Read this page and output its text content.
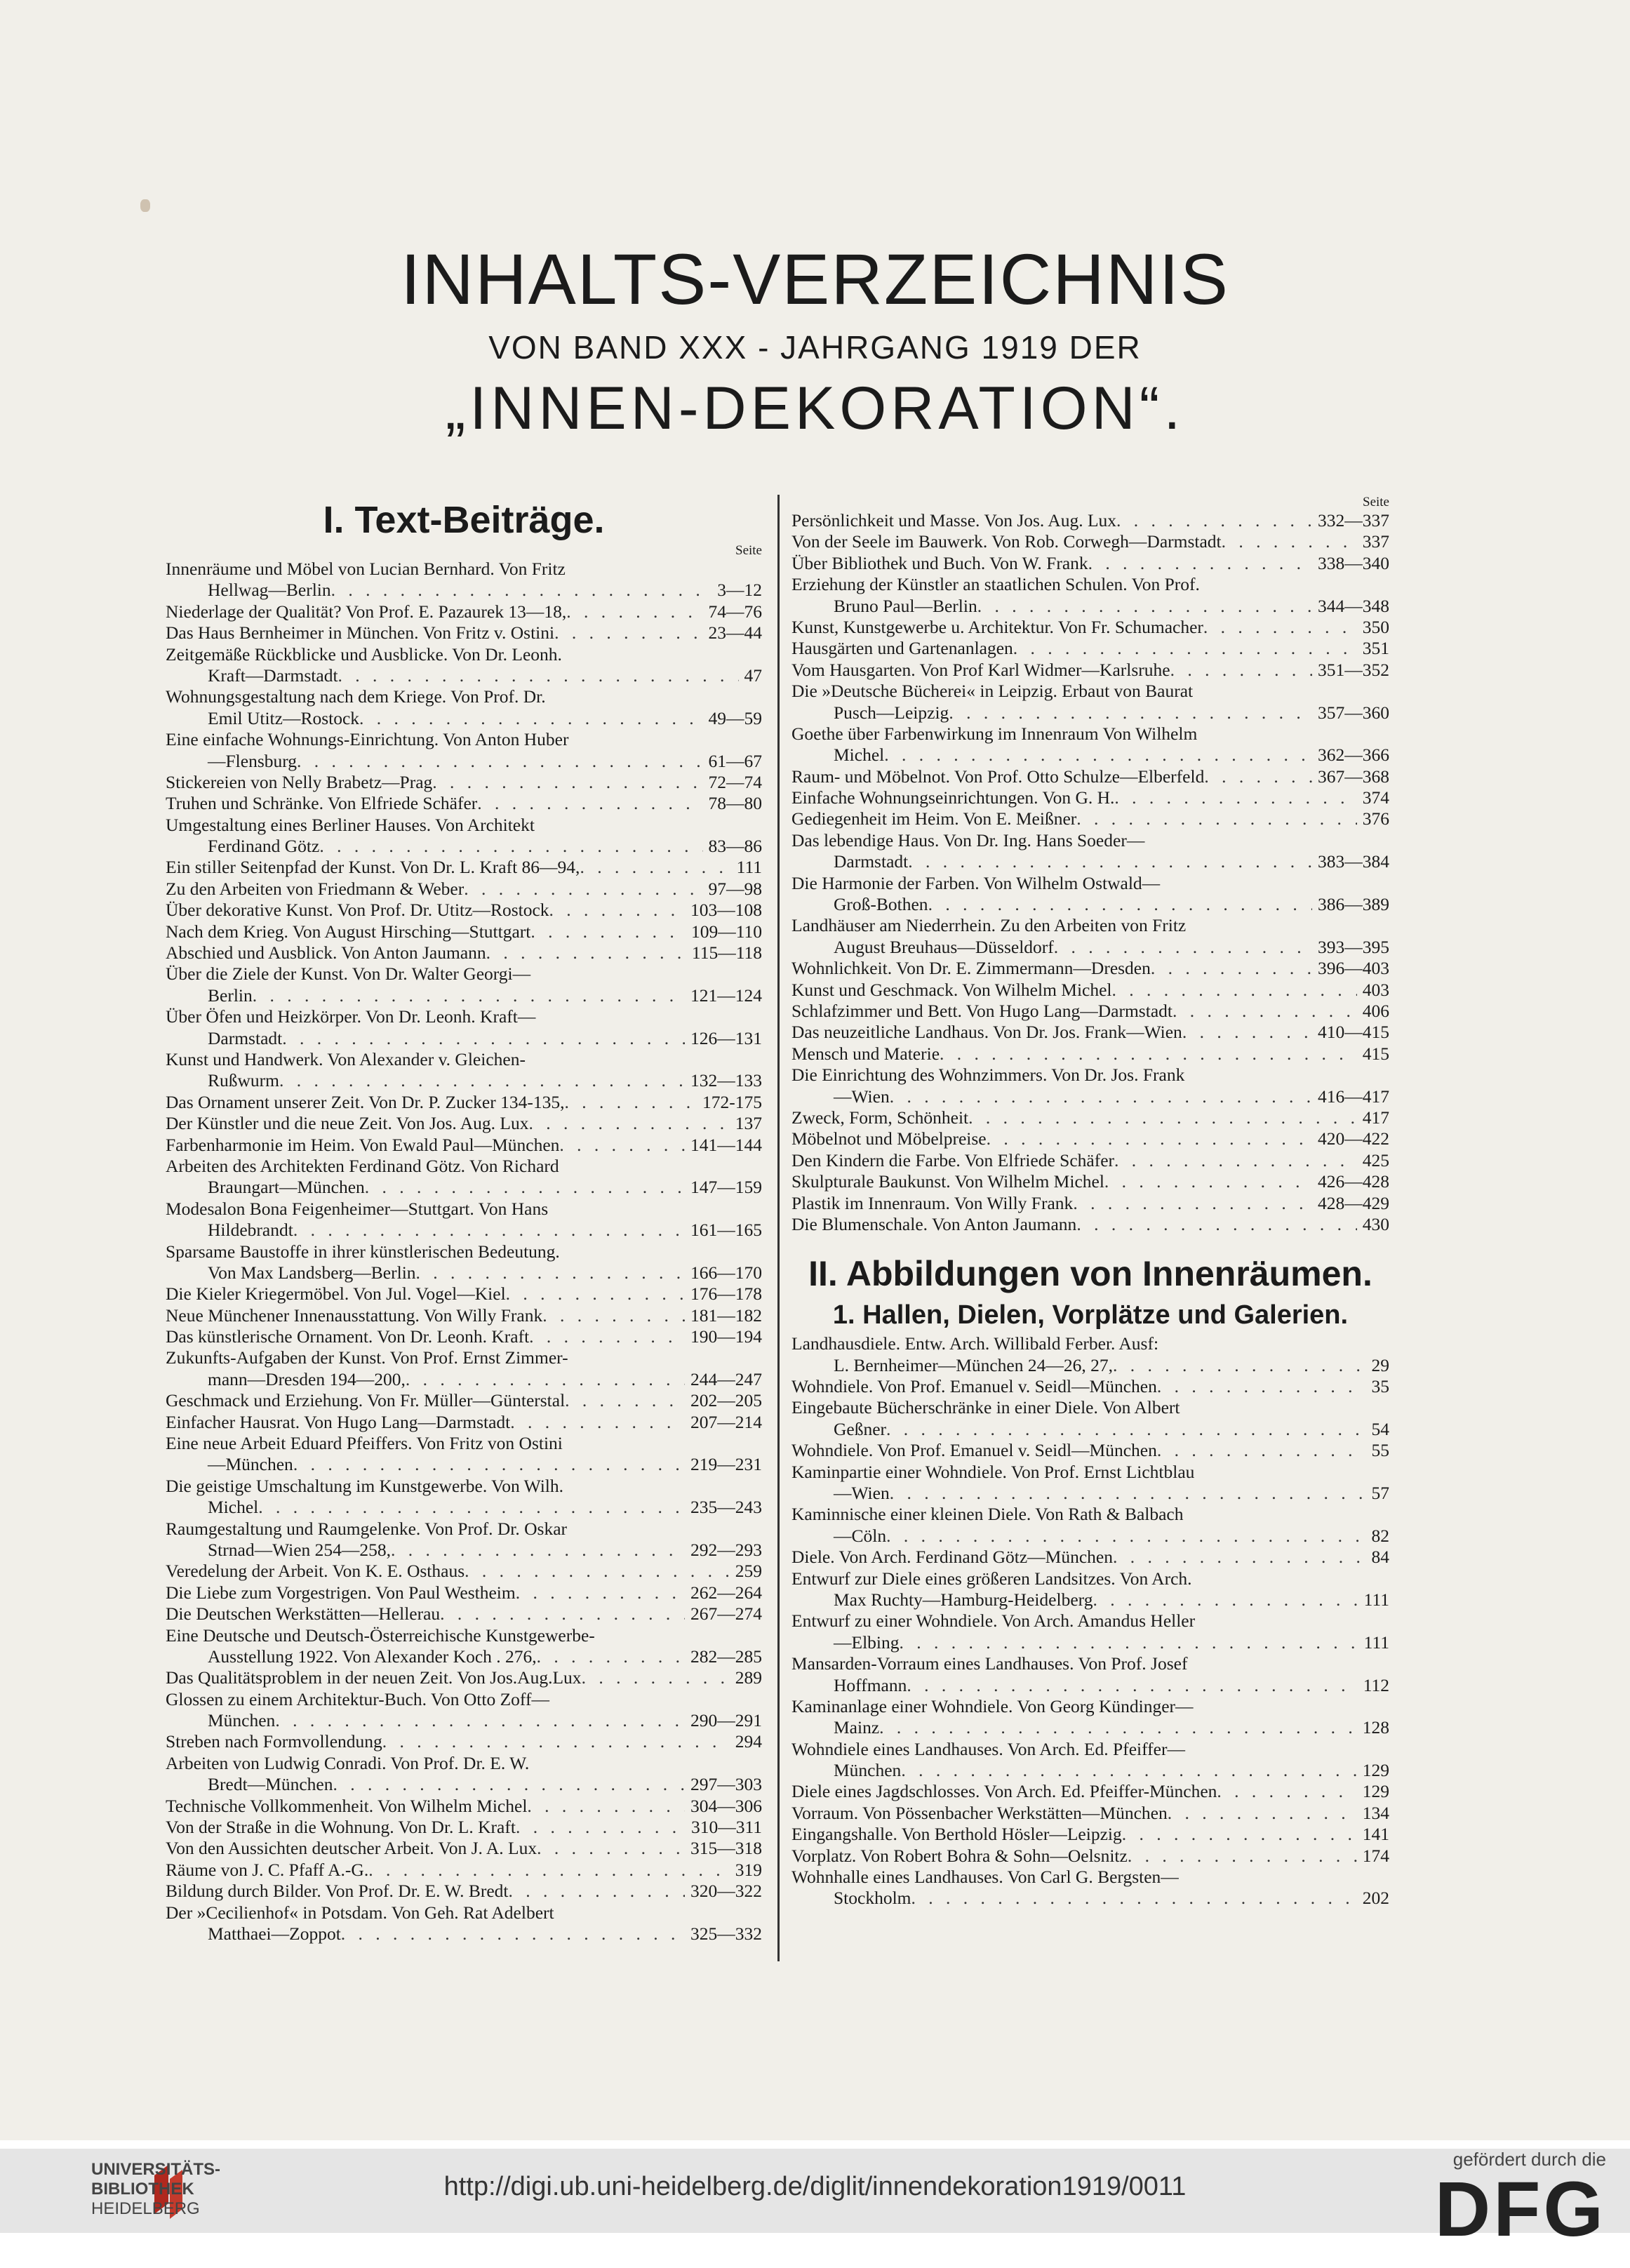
INHALTS-VERZEICHNIS
VON BAND XXX - JAHRGANG 1919 DER
„INNEN-DEKORATION“.
I. Text-Beiträge.
Seite
Innenräume und Möbel von Lucian Bernhard. Von Fritz
Hellwag—Berlin . . .	3—12
Niederlage der Qualität? Von Prof. E. Pazaurek 13—18, . . .	74—76
Das Haus Bernheimer in München. Von Fritz v. Ostini . . .	23—44
Zeitgemäße Rückblicke und Ausblicke. Von Dr. Leonh.
Kraft—Darmstadt . . .	47
Wohnungsgestaltung nach dem Kriege. Von Prof. Dr.
Emil Utitz—Rostock . . .	49—59
Eine einfache Wohnungs-Einrichtung. Von Anton Huber
—Flensburg . . .	61—67
Stickereien von Nelly Brabetz—Prag . . .	72—74
Truhen und Schränke. Von Elfriede Schäfer . . .	78—80
Umgestaltung eines Berliner Hauses. Von Architekt
Ferdinand Götz . . .	83—86
Ein stiller Seitenpfad der Kunst. Von Dr. L. Kraft 86—94, . . .	111
Zu den Arbeiten von Friedmann & Weber . . .	97—98
Über dekorative Kunst. Von Prof. Dr. Utitz—Rostock . . .	103—108
Nach dem Krieg. Von August Hirsching—Stuttgart . . .	109—110
Abschied und Ausblick. Von Anton Jaumann . . .	115—118
Über die Ziele der Kunst. Von Dr. Walter Georgi—
Berlin . . .	121—124
Über Öfen und Heizkörper. Von Dr. Leonh. Kraft—
Darmstadt . . .	126—131
Kunst und Handwerk. Von Alexander v. Gleichen-
Rußwurm . . .	132—133
Das Ornament unserer Zeit. Von Dr. P. Zucker 134-135, . . .	172-175
Der Künstler und die neue Zeit. Von Jos. Aug. Lux . . .	137
Farbenharmonie im Heim. Von Ewald Paul—München . . .	141—144
Arbeiten des Architekten Ferdinand Götz. Von Richard
Braungart—München . . .	147—159
Modesalon Bona Feigenheimer—Stuttgart. Von Hans
Hildebrandt . . .	161—165
Sparsame Baustoffe in ihrer künstlerischen Bedeutung.
Von Max Landsberg—Berlin . . .	166—170
Die Kieler Kriegermöbel. Von Jul. Vogel—Kiel . . .	176—178
Neue Münchener Innenausstattung. Von Willy Frank . . .	181—182
Das künstlerische Ornament. Von Dr. Leonh. Kraft . . .	190—194
Zukunfts-Aufgaben der Kunst. Von Prof. Ernst Zimmer-
mann—Dresden 194—200, . . .	244—247
Geschmack und Erziehung. Von Fr. Müller—Günterstal . . .	202—205
Einfacher Hausrat. Von Hugo Lang—Darmstadt . . .	207—214
Eine neue Arbeit Eduard Pfeiffers. Von Fritz von Ostini
—München . . .	219—231
Die geistige Umschaltung im Kunstgewerbe. Von Wilh.
Michel . . .	235—243
Raumgestaltung und Raumgelenke. Von Prof. Dr. Oskar
Strnad—Wien 254—258, . . .	292—293
Veredelung der Arbeit. Von K. E. Osthaus . . .	259
Die Liebe zum Vorgestrigen. Von Paul Westheim . . .	262—264
Die Deutschen Werkstätten—Hellerau . . .	267—274
Eine Deutsche und Deutsch-Österreichische Kunstgewerbe-
Ausstellung 1922. Von Alexander Koch . 276, . . .	282—285
Das Qualitätsproblem in der neuen Zeit. Von Jos.Aug.Lux . . .	289
Glossen zu einem Architektur-Buch. Von Otto Zoff—
München . . .	290—291
Streben nach Formvollendung . . .	294
Arbeiten von Ludwig Conradi. Von Prof. Dr. E. W.
Bredt—München . . .	297—303
Technische Vollkommenheit. Von Wilhelm Michel . . .	304—306
Von der Straße in die Wohnung. Von Dr. L. Kraft . . .	310—311
Von den Aussichten deutscher Arbeit. Von J. A. Lux . . .	315—318
Räume von J. C. Pfaff A.-G. . . .	319
Bildung durch Bilder. Von Prof. Dr. E. W. Bredt . . .	320—322
Der »Cecilienhof« in Potsdam. Von Geh. Rat Adelbert
Matthaei—Zoppot . . .	325—332
Seite
Persönlichkeit und Masse. Von Jos. Aug. Lux . . .	332—337
Von der Seele im Bauwerk. Von Rob. Corwegh—Darmstadt . . .	337
Über Bibliothek und Buch. Von W. Frank . . .	338—340
Erziehung der Künstler an staatlichen Schulen. Von Prof.
Bruno Paul—Berlin . . .	344—348
Kunst, Kunstgewerbe u. Architektur. Von Fr. Schumacher . . .	350
Hausgärten und Gartenanlagen . . .	351
Vom Hausgarten. Von Prof Karl Widmer—Karlsruhe . . .	351—352
Die »Deutsche Bücherei« in Leipzig. Erbaut von Baurat
Pusch—Leipzig . . .	357—360
Goethe über Farbenwirkung im Innenraum Von Wilhelm
Michel . . .	362—366
Raum- und Möbelnot. Von Prof. Otto Schulze—Elberfeld . . .	367—368
Einfache Wohnungseinrichtungen. Von G. H. . . .	374
Gediegenheit im Heim. Von E. Meißner . . .	376
Das lebendige Haus. Von Dr. Ing. Hans Soeder—
Darmstadt . . .	383—384
Die Harmonie der Farben. Von Wilhelm Ostwald—
Groß-Bothen . . .	386—389
Landhäuser am Niederrhein. Zu den Arbeiten von Fritz
August Breuhaus—Düsseldorf . . .	393—395
Wohnlichkeit. Von Dr. E. Zimmermann—Dresden . . .	396—403
Kunst und Geschmack. Von Wilhelm Michel . . .	403
Schlafzimmer und Bett. Von Hugo Lang—Darmstadt . . .	406
Das neuzeitliche Landhaus. Von Dr. Jos. Frank—Wien . . .	410—415
Mensch und Materie . . .	415
Die Einrichtung des Wohnzimmers. Von Dr. Jos. Frank
—Wien . . .	416—417
Zweck, Form, Schönheit . . .	417
Möbelnot und Möbelpreise . . .	420—422
Den Kindern die Farbe. Von Elfriede Schäfer . . .	425
Skulpturale Baukunst. Von Wilhelm Michel . . .	426—428
Plastik im Innenraum. Von Willy Frank . . .	428—429
Die Blumenschale. Von Anton Jaumann . . .	430
II. Abbildungen von Innenräumen.
1. Hallen, Dielen, Vorplätze und Galerien.
Landhausdiele. Entw. Arch. Willibald Ferber. Ausf:
L. Bernheimer—München 24—26, 27, . . .	29
Wohndiele. Von Prof. Emanuel v. Seidl—München . . .	35
Eingebaute Bücherschränke in einer Diele. Von Albert
Geßner . . .	54
Wohndiele. Von Prof. Emanuel v. Seidl—München . . .	55
Kaminpartie einer Wohndiele. Von Prof. Ernst Lichtblau
—Wien . . .	57
Kaminnische einer kleinen Diele. Von Rath & Balbach
—Cöln . . .	82
Diele. Von Arch. Ferdinand Götz—München . . .	84
Entwurf zur Diele eines größeren Landsitzes. Von Arch.
Max Ruchty—Hamburg-Heidelberg . . .	111
Entwurf zu einer Wohndiele. Von Arch. Amandus Heller
—Elbing . . .	111
Mansarden-Vorraum eines Landhauses. Von Prof. Josef
Hoffmann . . .	112
Kaminanlage einer Wohndiele. Von Georg Kündinger—
Mainz . . .	128
Wohndiele eines Landhauses. Von Arch. Ed. Pfeiffer—
München . . .	129
Diele eines Jagdschlosses. Von Arch. Ed. Pfeiffer-München . . .	129
Vorraum. Von Pössenbacher Werkstätten—München . . .	134
Eingangshalle. Von Berthold Hösler—Leipzig . . .	141
Vorplatz. Von Robert Bohra & Sohn—Oelsnitz . . .	174
Wohnhalle eines Landhauses. Von Carl G. Bergsten—
Stockholm . . .	202
UNIVERSITÄTS-
BIBLIOTHEK
HEIDELBERG
http://digi.ub.uni-heidelberg.de/diglit/innendekoration1919/0011
gefördert durch die
DFG
